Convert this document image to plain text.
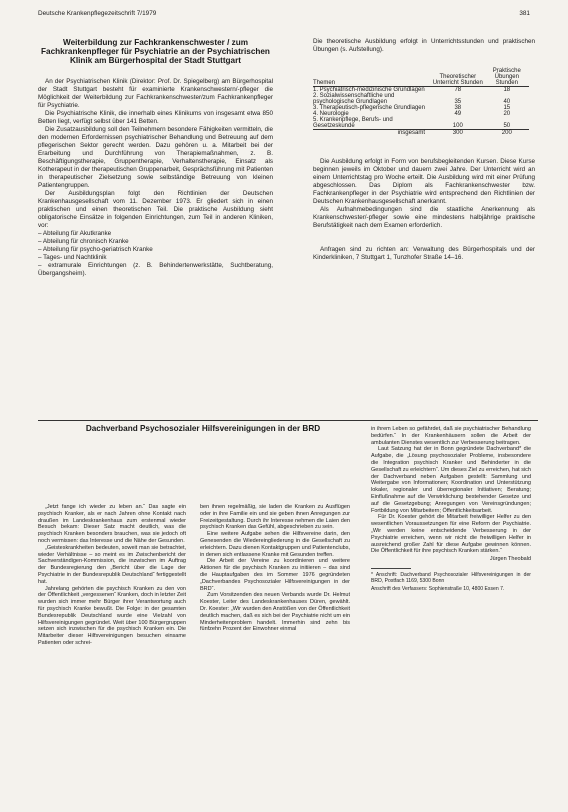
Deutsche Krankenpflegezeitschrift 7/1979	381
Weiterbildung zur Fachkrankenschwester / zum Fachkrankenpfleger für Psychiatrie an der Psychiatrischen Klinik am Bürgerhospital der Stadt Stuttgart

An der Psychiatrischen Klinik (Direktor: Prof. Dr. Spiegelberg) am Bürgerhospital der Stadt Stuttgart besteht für examinierte Krankenschwestern/-pfleger die Möglichkeit der Weiterbildung zur Fachkrankenschwester/zum Fachkrankenpfleger für Psychiatrie.

Die Psychiatrische Klinik, die innerhalb eines Klinikums von insgesamt etwa 850 Betten liegt, verfügt selbst über 141 Betten.

Die Zusatzausbildung soll den Teilnehmern besondere Fähigkeiten vermitteln, die den modernen Erfordernissen psychiatrischer Behandlung und Betreuung auf dem pflegerischen Sektor gerecht werden. Dazu gehören u. a. Mitarbeit bei der Erarbeitung und Durchführung von Therapiemaßnahmen, z. B. Beschäftigungstherapie, Gruppentherapie, Verhaltenstherapie, Einsatz als Kotherapeut in der therapeutischen Gruppenarbeit, Gesprächsführung mit Patienten in therapeutischer Zielsetzung sowie selbständige Betreuung von kleinen Patientengruppen.

Der Ausbildungsplan folgt den Richtlinien der Deutschen Krankenhausgesellschaft vom 11. Dezember 1973. Er gliedert sich in einen praktischen und einen theoretischen Teil. Die praktische Ausbildung sieht obligatorische Einsätze in folgenden Einrichtungen, zum Teil in anderen Kliniken, vor:

– Abteilung für Akutkranke
– Abteilung für chronisch Kranke
– Abteilung für psycho-geriatrisch Kranke
– Tages- und Nachtklinik
– extramurale Einrichtungen (z. B. Behindertenwerkstätte, Suchtberatung, Übergangsheim).

Die theoretische Ausbildung erfolgt in Unterrichtsstunden und praktischen Übungen (s. Aufstellung).

Themen	Theoretischer Unterricht Stunden	Praktische Übungen Stunden

1. Psychiatrisch-medizinische Grundlagen	78	18
2. Sozialwissenschaftliche und psychologische Grundlagen	35	40
3. Therapeutisch-pflegerische Grundlagen	38	15
4. Neurologie	49	20
5. Krankenpflege, Berufs- und Gesetzeskunde	100	50

insgesamt	300	200

Die Ausbildung erfolgt in Form von berufsbegleitenden Kursen. Diese Kurse beginnen jeweils im Oktober und dauern zwei Jahre. Der Unterricht wird an einem Unterrichtstag pro Woche erteilt. Die Ausbildung wird mit einer Prüfung abgeschlossen. Das Diplom als Fachkrankenschwester bzw. Fachkrankenpfleger in der Psychiatrie wird entsprechend den Richtlinien der Deutschen Krankenhausgesellschaft anerkannt.

Als Aufnahmebedingungen sind die staatliche Anerkennung als Krankenschwester/-pfleger sowie eine mindestens halbjährige praktische Berufstätigkeit nach dem Examen erforderlich.

Anfragen sind zu richten an: Verwaltung des Bürgerhospitals und der Kinderkliniken, 7 Stuttgart 1, Tunzhofer Straße 14–16.

Dachverband Psychosozialer Hilfsvereinigungen in der BRD

„Jetzt fange ich wieder zu leben an.“ Das sagte ein psychisch Kranker, als er nach Jahren ohne Kontakt nach draußen im Landeskrankenhaus zum erstenmal wieder Besuch bekam: Dieser Satz macht deutlich, was die psychisch Kranken besonders brauchen, was sie jedoch oft noch vermissen: das Interesse und die Nähe der Gesunden.

„Geisteskrankheiten bedeuten, soweit man sie betrachtet, wieder Verhältnisse – so meint es im Zwischenbericht der Sachverständigen-Kommission, die inzwischen im Auftrag der Bundesregierung den „Bericht über die Lage der Psychiatrie in der Bundesrepublik Deutschland“ fertiggestellt hat.

Jahrelang gehörten die psychisch Kranken zu den von der Öffentlichkeit „vergessenen“ Kranken, doch in letzter Zeit wurden sich immer mehr Bürger ihrer Verantwortung auch für psychisch Kranke bewußt. Die Folge: in der gesamten Bundesrepublik Deutschland wurde eine Vielzahl von Hilfsvereinigungen gegründet. Weit über 100 Bürgergruppen setzen sich inzwischen für die psychisch Kranken ein. Die Mitarbeiter dieser Hilfsvereinigungen besuchen einsame Patienten oder schrei-

ben ihnen regelmäßig, sie laden die Kranken zu Ausflügen oder in ihre Familie ein und sie geben ihnen Anregungen zur Freizeitgestaltung. Durch ihr Interesse nehmen die Laien den psychisch Kranken das Gefühl, abgeschrieben zu sein.

Eine weitere Aufgabe sehen die Hilfsvereine darin, den Genesenden die Wiedereingliederung in die Gesellschaft zu erleichtern. Dazu dienen Kontaktgruppen und Patientenclubs, in denen sich entlassene Kranke mit Gesunden treffen.

Die Arbeit der Vereine zu koordinieren und weitere Aktionen für die psychisch Kranken zu initiieren – das sind die Hauptaufgaben des im Sommer 1976 gegründeten „Dachverbandes Psychosozialer Hilfsvereinigungen in der BRD“.

Zum Vorsitzenden des neuen Verbands wurde Dr. Helmut Koester, Leiter des Landeskrankenhauses Düren, gewählt. Dr. Koester: „Wir wurden den Anstößen von der Öffentlichkeit deutlich machen, daß es sich bei der Psychiatrie nicht um ein Minderheitenproblem handelt. Immerhin sind zehn bis fünfzehn Prozent der Einwohner einmal

in ihrem Leben so gefährdet, daß sie psychiatrischer Behandlung bedürfen.“ In der Krankenhäusern sollen die Arbeit der ambulanten Dienstes wesentlich zur Verbesserung beitragen.

Laut Satzung hat der in Bonn gegründete Dachverband* die Aufgabe, die „Lösung psychosozialer Probleme, insbesondere die Integration psychisch Kranker und Behinderter in die Gesellschaft zu erleichtern“. Um dieses Ziel zu erreichen, hat sich der Dachverband neben Aufgaben gestellt: Sammlung und Weitergabe von Informationen; Koordination und Unterstützung lokaler, regionaler und überregionaler Initiativen; Beratung; Einflußnahme auf die Verwirklichung bestehender Gesetze und auf die Gesetzgebung; Anregungen von Vereinsgründungen; Fortbildung von Mitarbeitern; Öffentlichkeitsarbeit.

Für Dr. Koester gehört die Mitarbeit freiwilliger Helfer zu den wesentlichen Voraussetzungen für eine Reform der Psychiatrie. „Wir werden keine entscheidende Verbesserung in der Psychiatrie erreichen, wenn wir nicht die freiwilligen Helfer in ausreichend großer Zahl für diese Aufgabe gewinnen können. Die Öffentlichkeit für ihre psychisch Kranken stärken.“

Jürgen Theobald

* Anschrift: Dachverband Psychosozialer Hilfsvereinigungen in der BRD, Postfach 1169, 5300 Bonn

Anschrift des Verfassers: Sophienstraße 10, 4800 Essen 7.
